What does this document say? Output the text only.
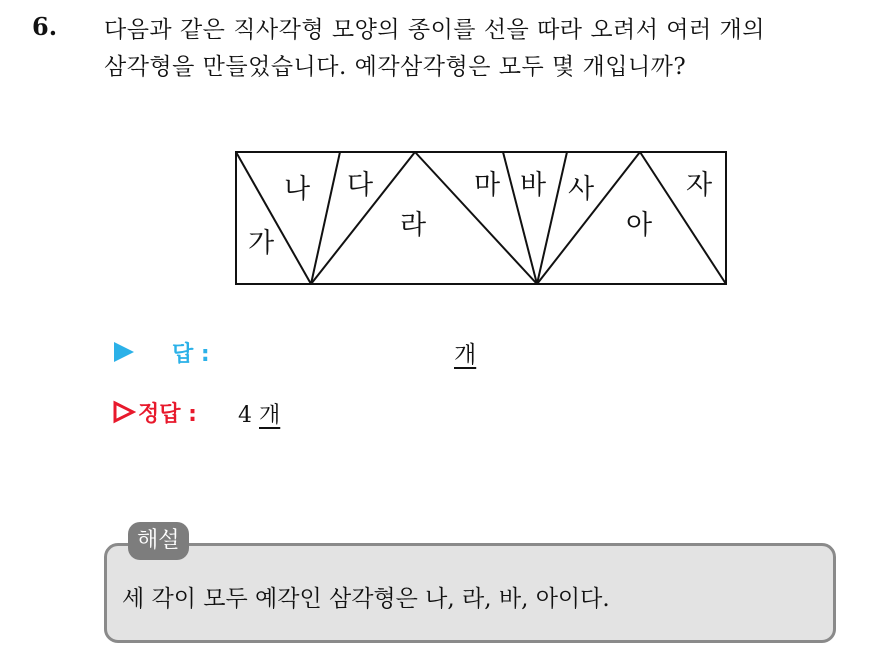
6. 다음과 같은 직사각형 모양의 종이를 선을 따라 오려서 여러 개의
삼각형을 만들었습니다. 예각삼각형은 모두 몇 개입니까?
가
나 다
라
마 바 사
아
자
답 :	개
정답 : 4 개
해설
세 각이 모두 예각인 삼각형은 나, 라, 바, 아이다.
